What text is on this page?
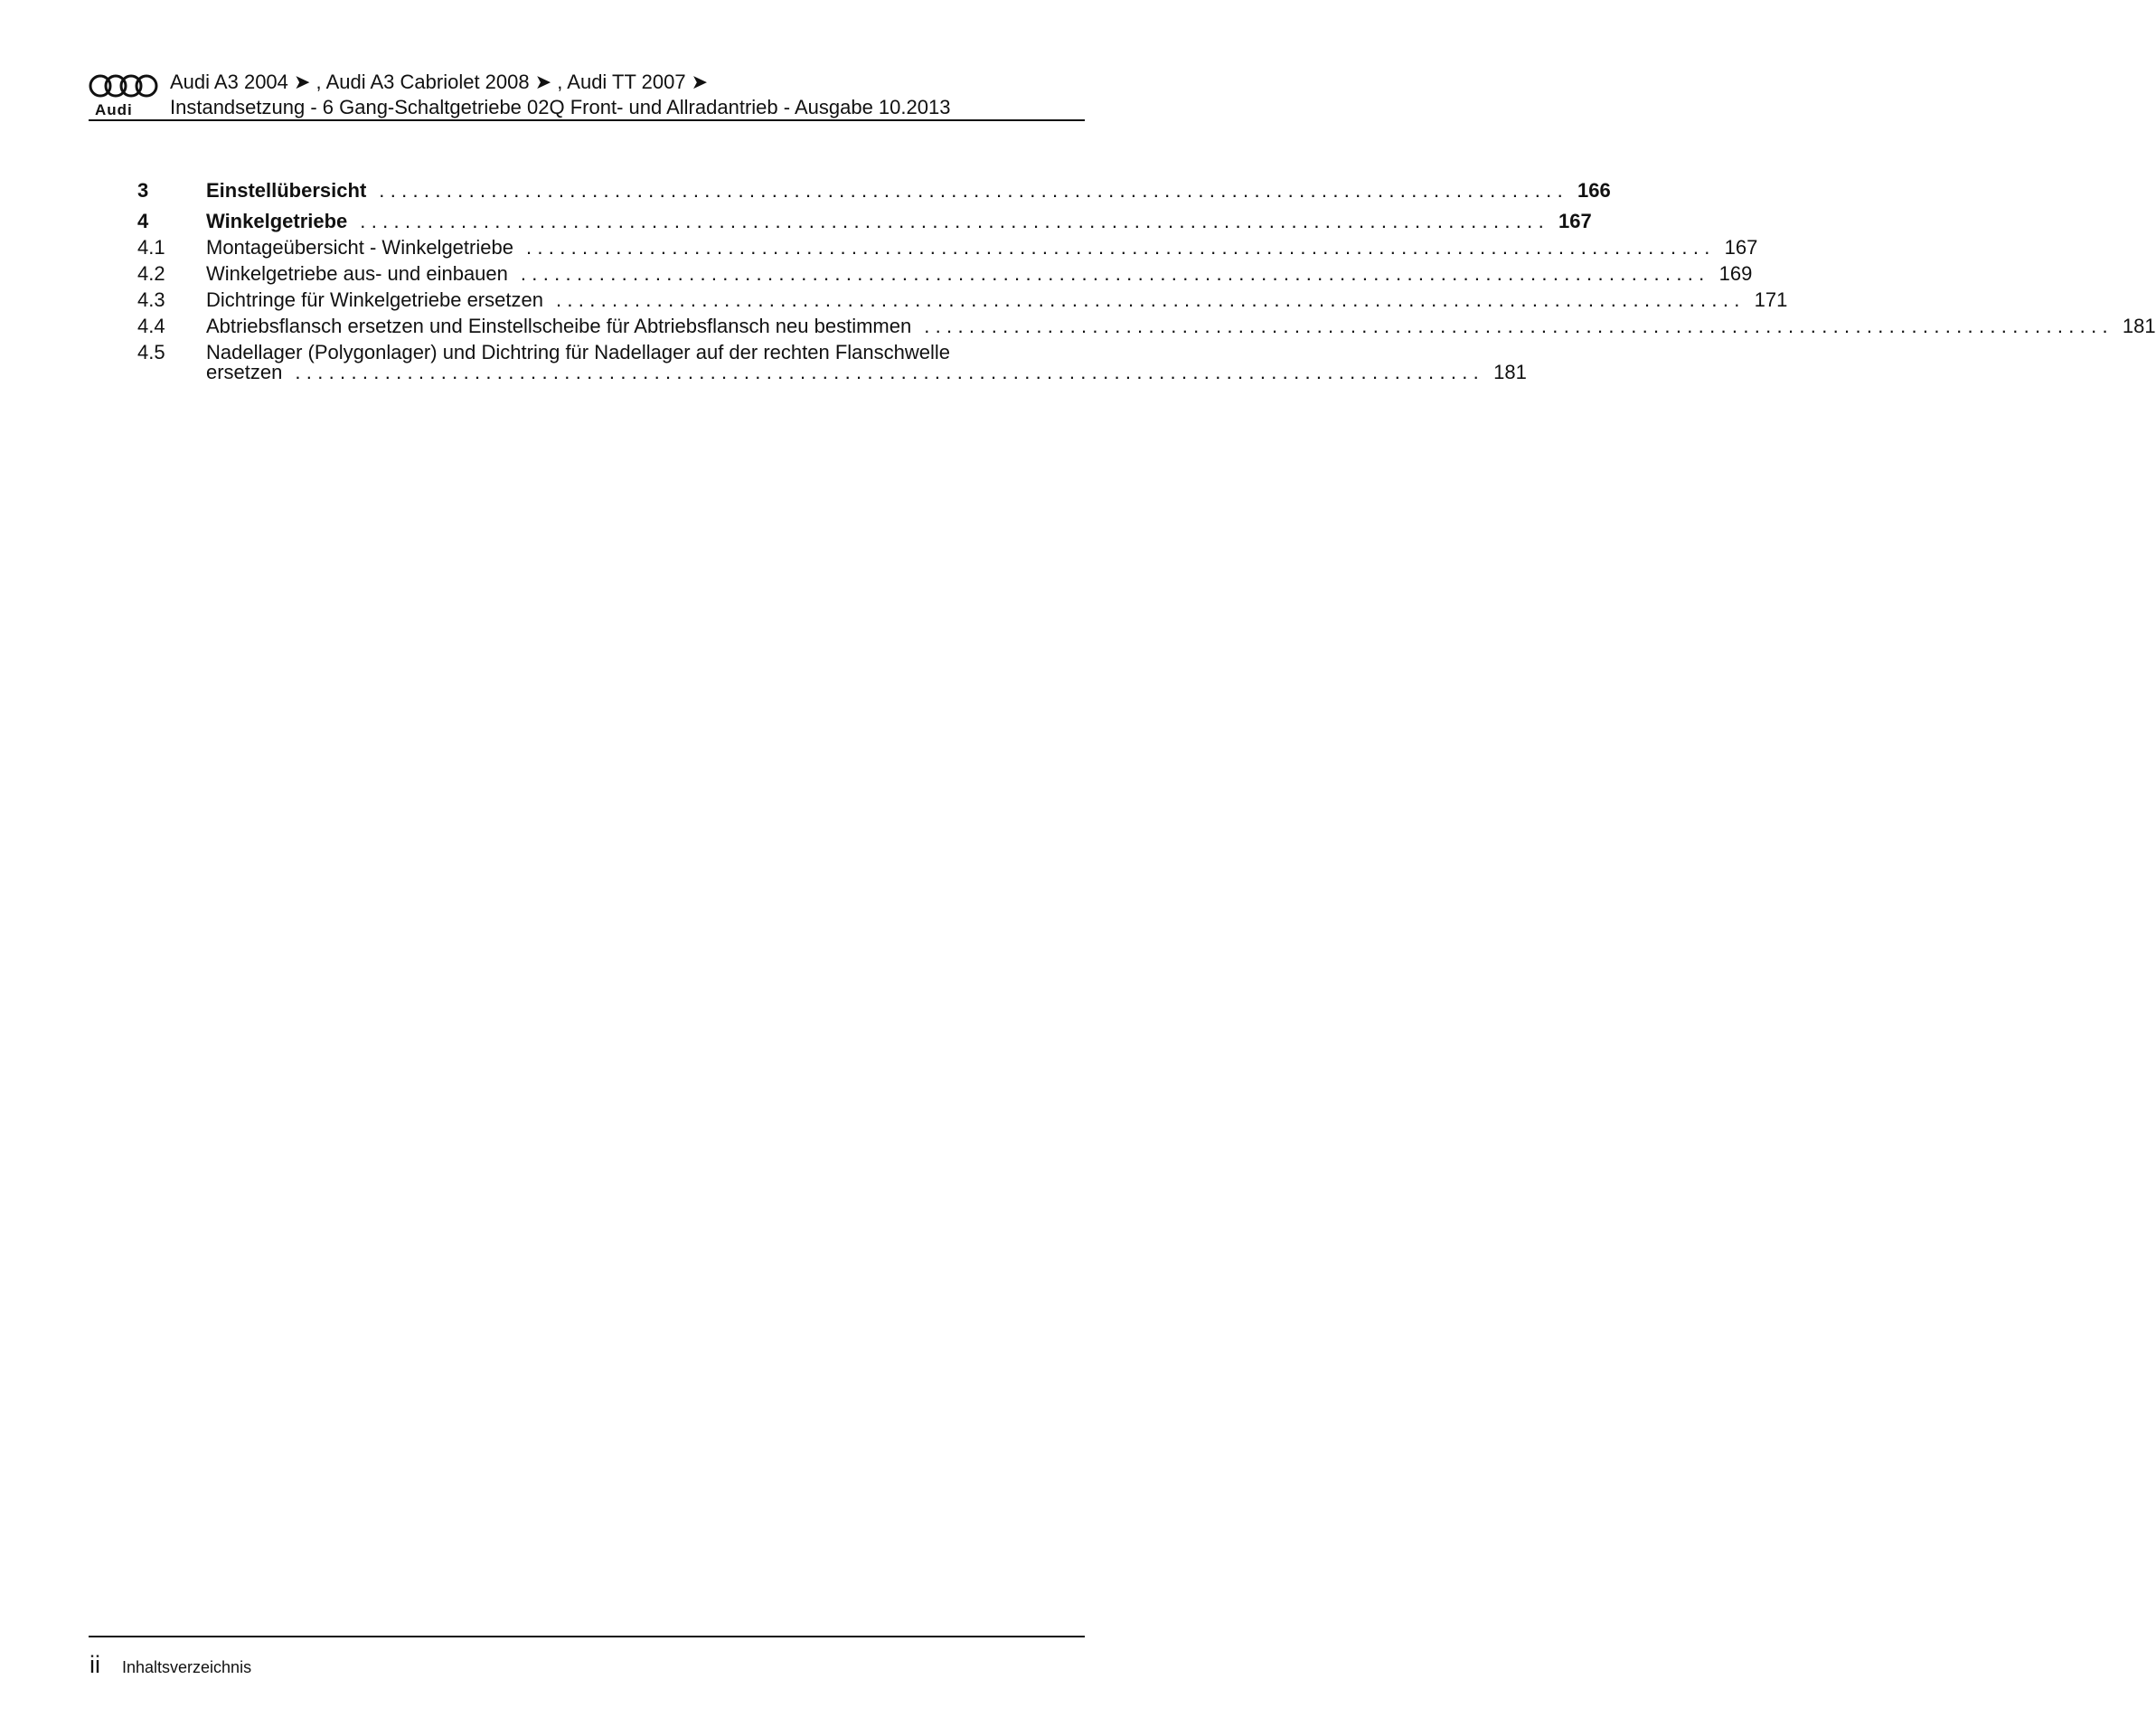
Audi
Audi A3 2004 ➤ , Audi A3 Cabriolet 2008 ➤ , Audi TT 2007 ➤
Instandsetzung - 6 Gang-Schaltgetriebe 02Q Front- und Allradantrieb - Ausgabe 10.2013
3	Einstellübersicht .......................................................................................................... 166
4	Winkelgetriebe .......................................................................................................... 167
4.1	Montageübersicht - Winkelgetriebe .......................................................................................................... 167
4.2	Winkelgetriebe aus- und einbauen .......................................................................................................... 169
4.3	Dichtringe für Winkelgetriebe ersetzen .......................................................................................................... 171
4.4	Abtriebsflansch ersetzen und Einstellscheibe für Abtriebsflansch neu bestimmen .......................................................................................................... 181
4.5	Nadellager (Polygonlager) und Dichtring für Nadellager auf der rechten Flanschwelle
ersetzen .......................................................................................................... 181
ii Inhaltsverzeichnis
